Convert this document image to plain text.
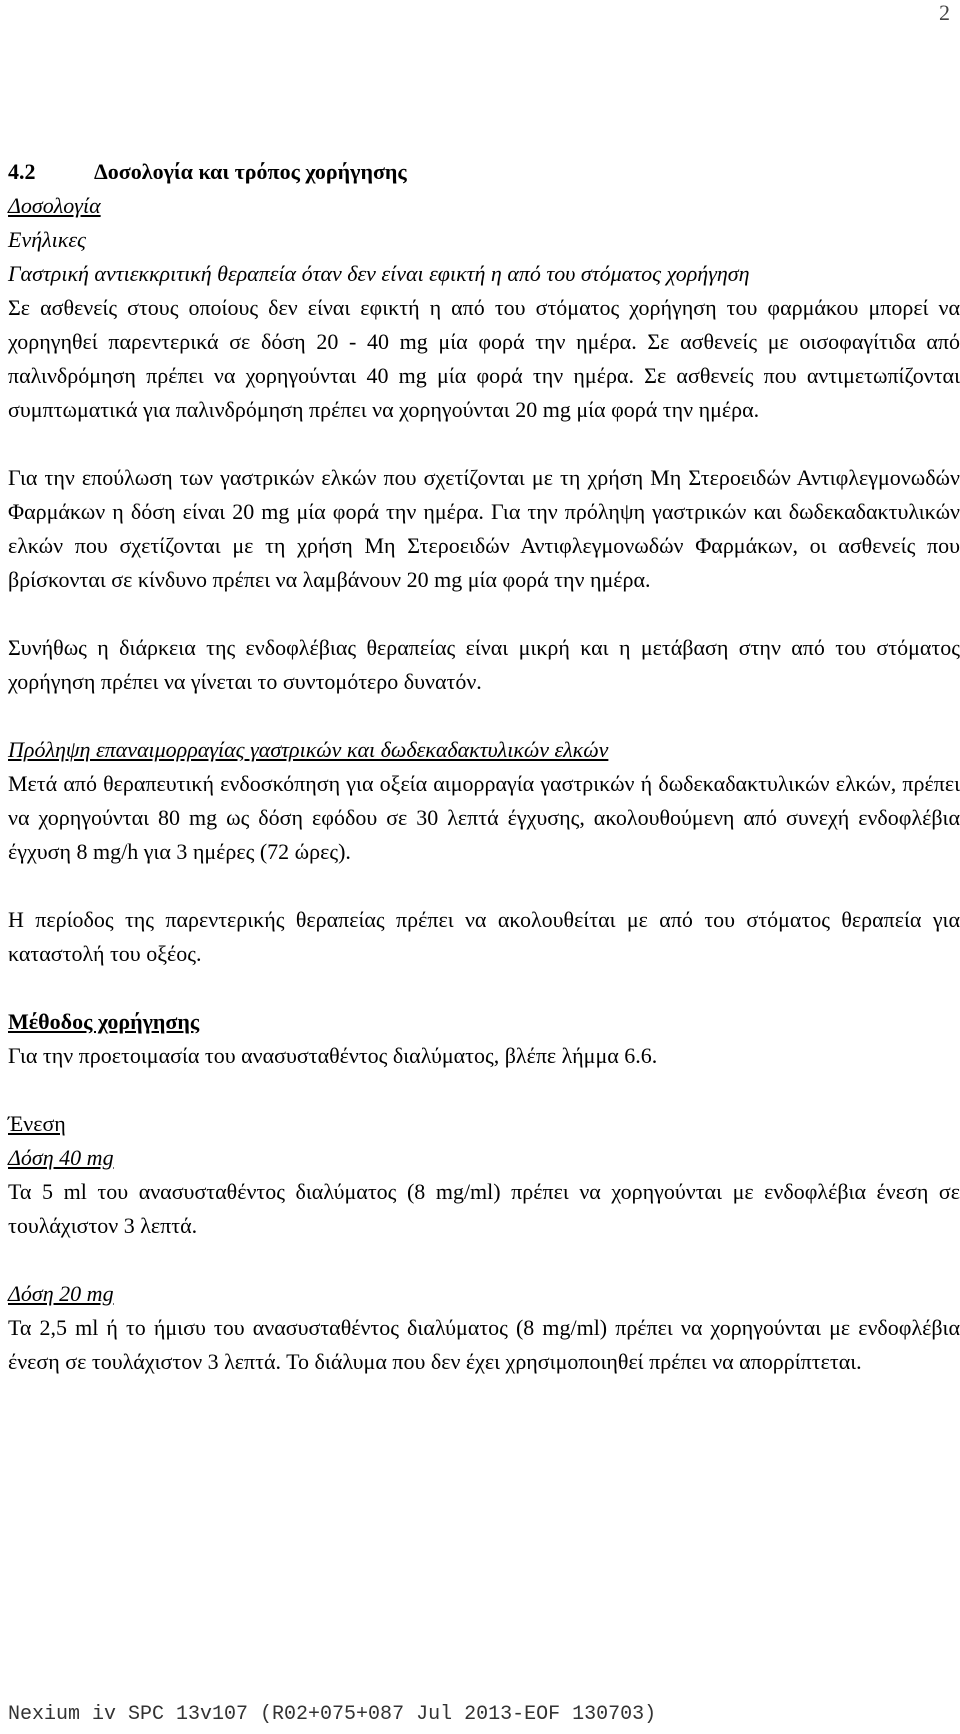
2

4.2	Δοσολογία και τρόπος χορήγησης

Δοσολογία

Ενήλικες

Γαστρική αντιεκκριτική θεραπεία όταν δεν είναι εφικτή η από του στόματος χορήγηση

Σε ασθενείς στους οποίους δεν είναι εφικτή η από του στόματος χορήγηση του φαρμάκου μπορεί να χορηγηθεί παρεντερικά σε δόση 20 - 40 mg μία φορά την ημέρα. Σε ασθενείς με οισοφαγίτιδα από παλινδρόμηση πρέπει να χορηγούνται 40 mg μία φορά την ημέρα. Σε ασθενείς που αντιμετωπίζονται συμπτωματικά για παλινδρόμηση πρέπει να χορηγούνται 20 mg μία φορά την ημέρα.

Για την επούλωση των γαστρικών ελκών που σχετίζονται με τη χρήση Μη Στεροειδών Αντιφλεγμονωδών Φαρμάκων η δόση είναι 20 mg μία φορά την ημέρα. Για την πρόληψη γαστρικών και δωδεκαδακτυλικών ελκών που σχετίζονται με τη χρήση Μη Στεροειδών Αντιφλεγμονωδών Φαρμάκων, οι ασθενείς που βρίσκονται σε κίνδυνο πρέπει να λαμβάνουν 20 mg μία φορά την ημέρα.

Συνήθως η διάρκεια της ενδοφλέβιας θεραπείας είναι μικρή και η μετάβαση στην από του στόματος χορήγηση πρέπει να γίνεται το συντομότερο δυνατόν.

Πρόληψη επαναιμορραγίας γαστρικών και δωδεκαδακτυλικών ελκών

Μετά από θεραπευτική ενδοσκόπηση για οξεία αιμορραγία γαστρικών ή δωδεκαδακτυλικών ελκών, πρέπει να χορηγούνται 80 mg ως δόση εφόδου σε 30 λεπτά έγχυσης, ακολουθούμενη από συνεχή ενδοφλέβια έγχυση 8 mg/h για 3 ημέρες (72 ώρες).

Η περίοδος της παρεντερικής θεραπείας πρέπει να ακολουθείται με από του στόματος θεραπεία για καταστολή του οξέος.

Μέθοδος χορήγησης

Για την προετοιμασία του ανασυσταθέντος διαλύματος, βλέπε λήμμα 6.6.

Ένεση

Δόση 40 mg

Τα 5 ml του ανασυσταθέντος διαλύματος (8 mg/ml) πρέπει να χορηγούνται με ενδοφλέβια ένεση σε τουλάχιστον 3 λεπτά.

Δόση 20 mg

Τα 2,5 ml ή το ήμισυ του ανασυσταθέντος διαλύματος (8 mg/ml) πρέπει να χορηγούνται με ενδοφλέβια ένεση σε τουλάχιστον 3 λεπτά. Το διάλυμα που δεν έχει χρησιμοποιηθεί πρέπει να απορρίπτεται.

Nexium iv SPC 13v107 (R02+075+087 Jul 2013-EOF 130703)
